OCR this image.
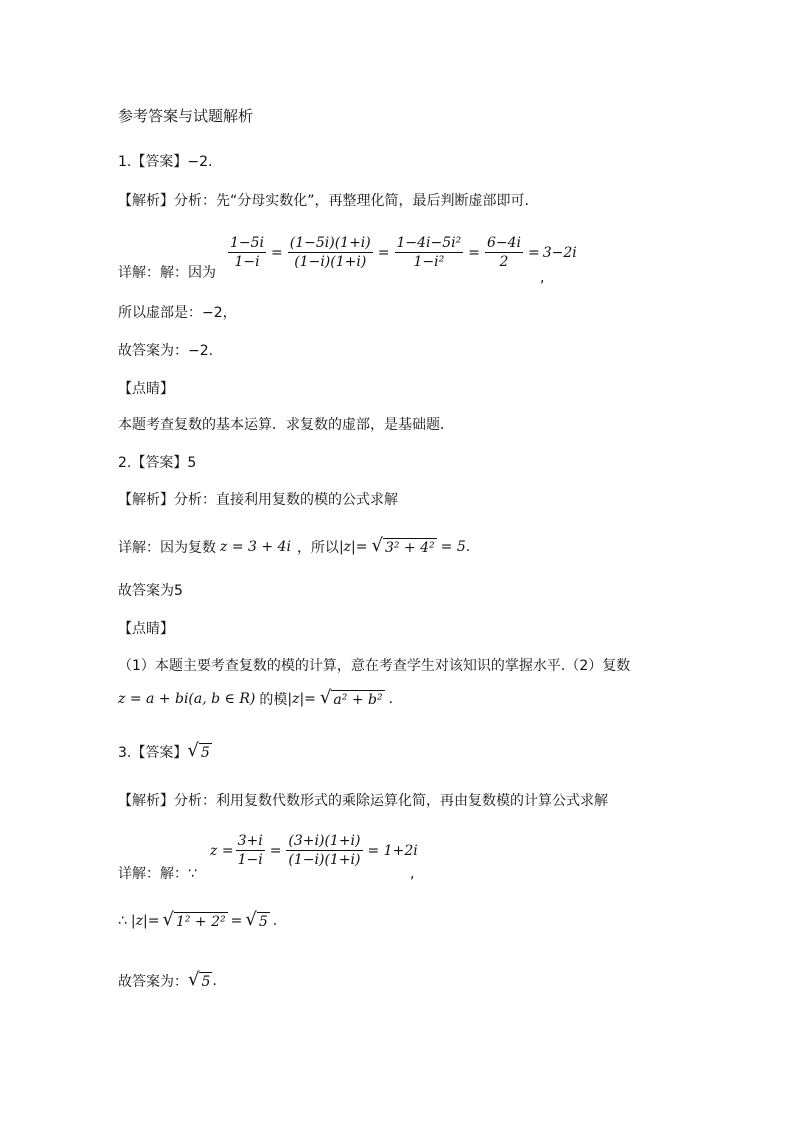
参考答案与试题解析
1.【答案】−2.
【解析】分析：先“分母实数化”，再整理化简，最后判断虚部即可.
详解：解：因为
$\frac{1-5i}{1-i} = \frac{(1-5i)(1+i)}{(1-i)(1+i)} = \frac{\text{1−4i−5i²}}{\text{1−i²}} = \frac{6-4i}{2} = 3-2i$
,
所以虚部是：−2，
故答案为：−2.
【点睛】
本题考查复数的基本运算．求复数的虚部，是基础题．
2.【答案】5
【解析】分析：直接利用复数的模的公式求解
详解：因为复数 z = 3 + 4i ，所以 |z|= √ 3² + 4² = 5 .
故答案为5
【点睛】
（1）本题主要考查复数的模的计算，意在考查学生对该知识的掌握水平.（2）复数
z = a + bi(a, b ∈ R) 的模 |z|= √ a² + b² .
3.【答案】 √ 5
【解析】分析：利用复数代数形式的乘除运算化简，再由复数模的计算公式求解
详解：解：∵
$z = \frac{3+i}{1-i} = \frac{(3+i)(1+i)}{(1-i)(1+i)} = 1+2i$
,
∴ |z|= √ 1² + 2² = √ 5 .
故答案为： √ 5 .
